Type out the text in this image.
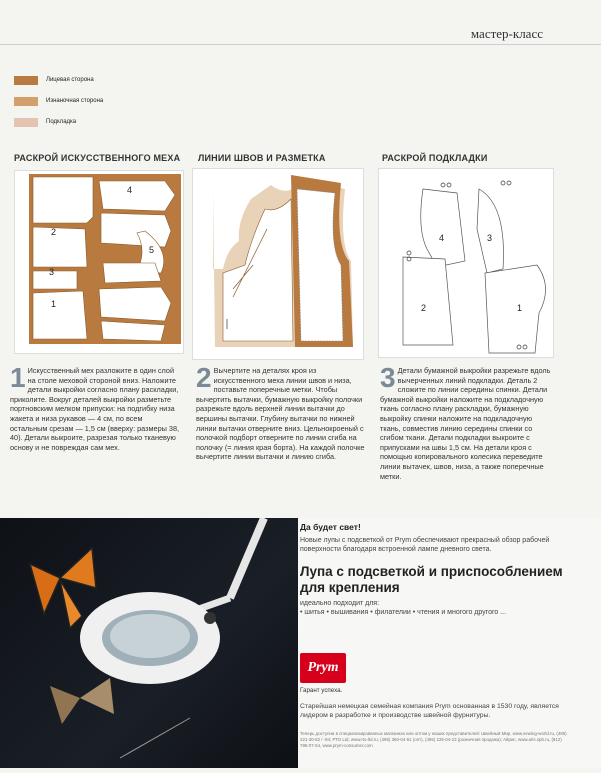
мастер-класс
Лицевая сторона
Изнаночная сторона
Подкладка
РАСКРОЙ ИСКУССТВЕННОГО МЕХА ЛИНИИ ШВОВ И РАЗМЕТКА	РАСКРОЙ ПОДКЛАДКИ
4
2
5
3
1
4	3
2	1
1 Искусственный мех разложите в один слой на столе меховой стороной вниз. Наложите детали выкройки согласно плану раскладки, приколите. Вокруг деталей выкройки разметьте портновским мелком припуски: на подгибку низа жакета и низа рукавов — 4 см, по всем остальным срезам — 1,5 см (вверху: размеры 38, 40). Детали выкроите, разрезая только тканевую основу и не повреждая сам мех.
2 Вычертите на деталях кроя из искусственного меха линии швов и низа, поставьте поперечные метки. Чтобы вычертить вытачки, бумажную выкройку полочки разрежьте вдоль верхней линии вытачки до вершины вытачки. Глубину вытачки по нижней линии вытачки отверните вниз. Цельнокроеный с полочкой подборт отверните по линии сгиба на полочку (= линия края борта). На каждой полочке вычертите линии вытачки и линию сгиба.
3 Детали бумажной выкройки разрежьте вдоль вычерченных линий подкладки. Деталь 2 сложите по линии середины спинки. Детали бумажной выкройки наложите на подкладочную ткань согласно плану раскладки, бумажную выкройку спинки наложите на подкладочную ткань, совместив линию середины спинки со сгибом ткани. Детали подкладки выкроите с припусками на швы 1,5 см. На детали кроя с помощью копировального колесика переведите линии вытачек, швов, низа, а также поперечные метки.
Да будет свет!
Новые лупы с подсветкой от Prym обеспечивают прекрасный обзор рабочей поверхности благодаря встроенной лампе дневного света.
Лупа с подсветкой и приспособлением для крепления
идеально подходит для:
• шитья • вышивания • филателии • чтения и многого другого ...
Prym
Гарант успеха.
Старейшая немецкая семейная компания Prym основанная в 1530 году, является лидером в разработке и производстве швейной фурнитуры.
Теперь доступна в специализированных магазинах или оптом у наших представителей: Швейный Мир, www.sewing-world.ru, (495) 221-30-82 / -84; РТО Ltd, www.rto-ltd.ru, (495) 360-04-61 (опт), (495) 225-04-23 (розничная продажа); Айрис, www.aris.spb.ru, (812) 786-07-64, www.prym-consumer.com
